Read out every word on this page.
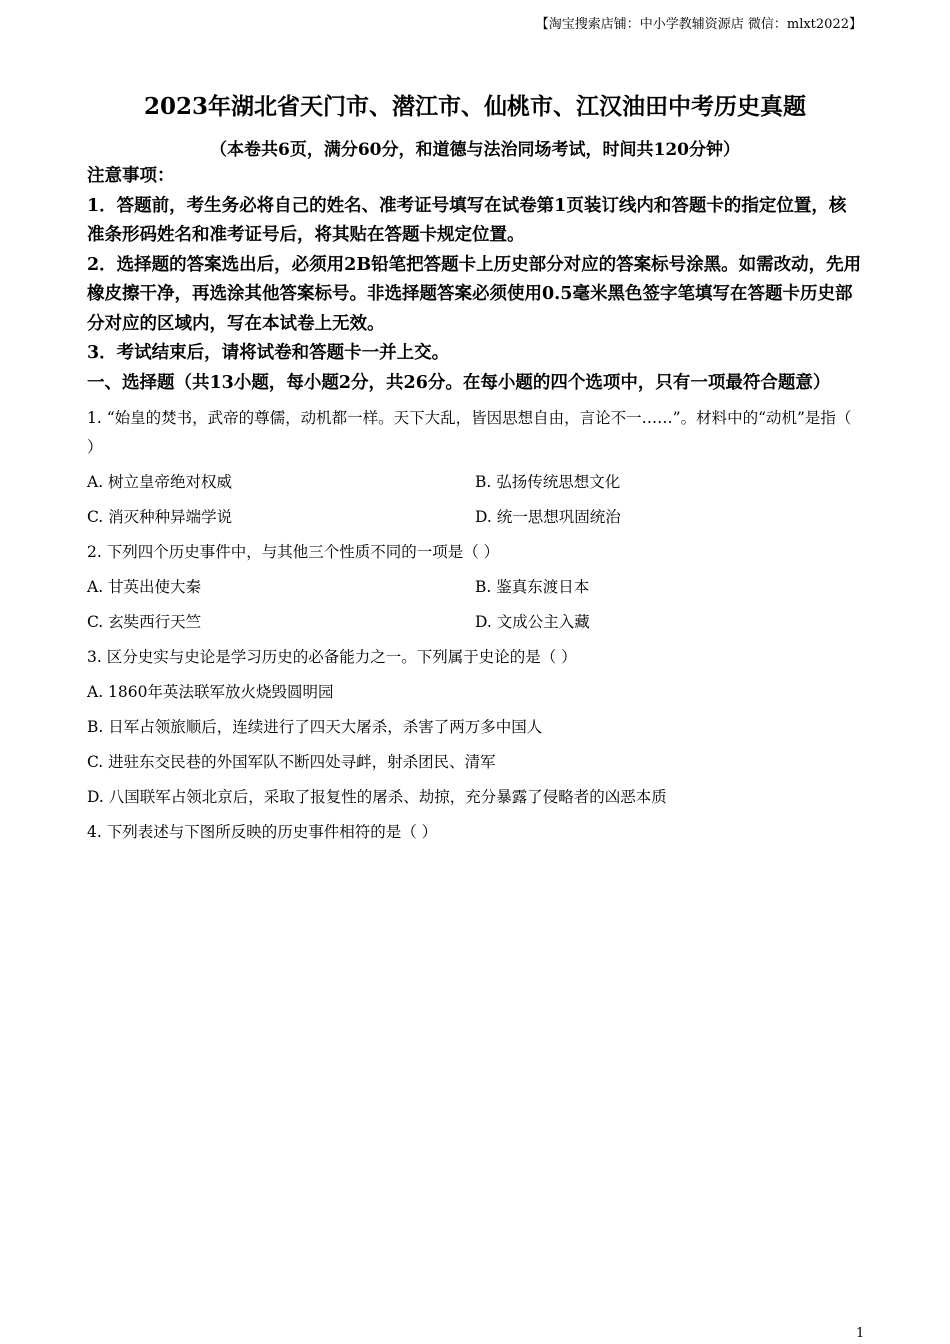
【淘宝搜索店铺：中小学教辅资源店 微信：mlxt2022】
2023年湖北省天门市、潜江市、仙桃市、江汉油田中考历史真题
（本卷共6页，满分60分，和道德与法治同场考试，时间共120分钟）
注意事项：
1．答题前，考生务必将自己的姓名、准考证号填写在试卷第1页装订线内和答题卡的指定位置，核准条形码姓名和准考证号后，将其贴在答题卡规定位置。
2．选择题的答案选出后，必须用2B铅笔把答题卡上历史部分对应的答案标号涂黑。如需改动，先用橡皮擦干净，再选涂其他答案标号。非选择题答案必须使用0.5毫米黑色签字笔填写在答题卡历史部分对应的区域内，写在本试卷上无效。
3．考试结束后，请将试卷和答题卡一并上交。
一、选择题（共13小题，每小题2分，共26分。在每小题的四个选项中，只有一项最符合题意）
1. “始皇的焚书，武帝的尊儒，动机都一样。天下大乱，皆因思想自由，言论不一……”。材料中的“动机”是指（ ）
A. 树立皇帝绝对权威	B. 弘扬传统思想文化
C. 消灭种种异端学说	D. 统一思想巩固统治
2. 下列四个历史事件中，与其他三个性质不同的一项是（ ）
A. 甘英出使大秦	B. 鉴真东渡日本
C. 玄奘西行天竺	D. 文成公主入藏
3. 区分史实与史论是学习历史的必备能力之一。下列属于史论的是（ ）
A. 1860年英法联军放火烧毁圆明园
B. 日军占领旅顺后，连续进行了四天大屠杀，杀害了两万多中国人
C. 进驻东交民巷的外国军队不断四处寻衅，射杀团民、清军
D. 八国联军占领北京后，采取了报复性的屠杀、劫掠，充分暴露了侵略者的凶恶本质
4. 下列表述与下图所反映的历史事件相符的是（ ）
1
